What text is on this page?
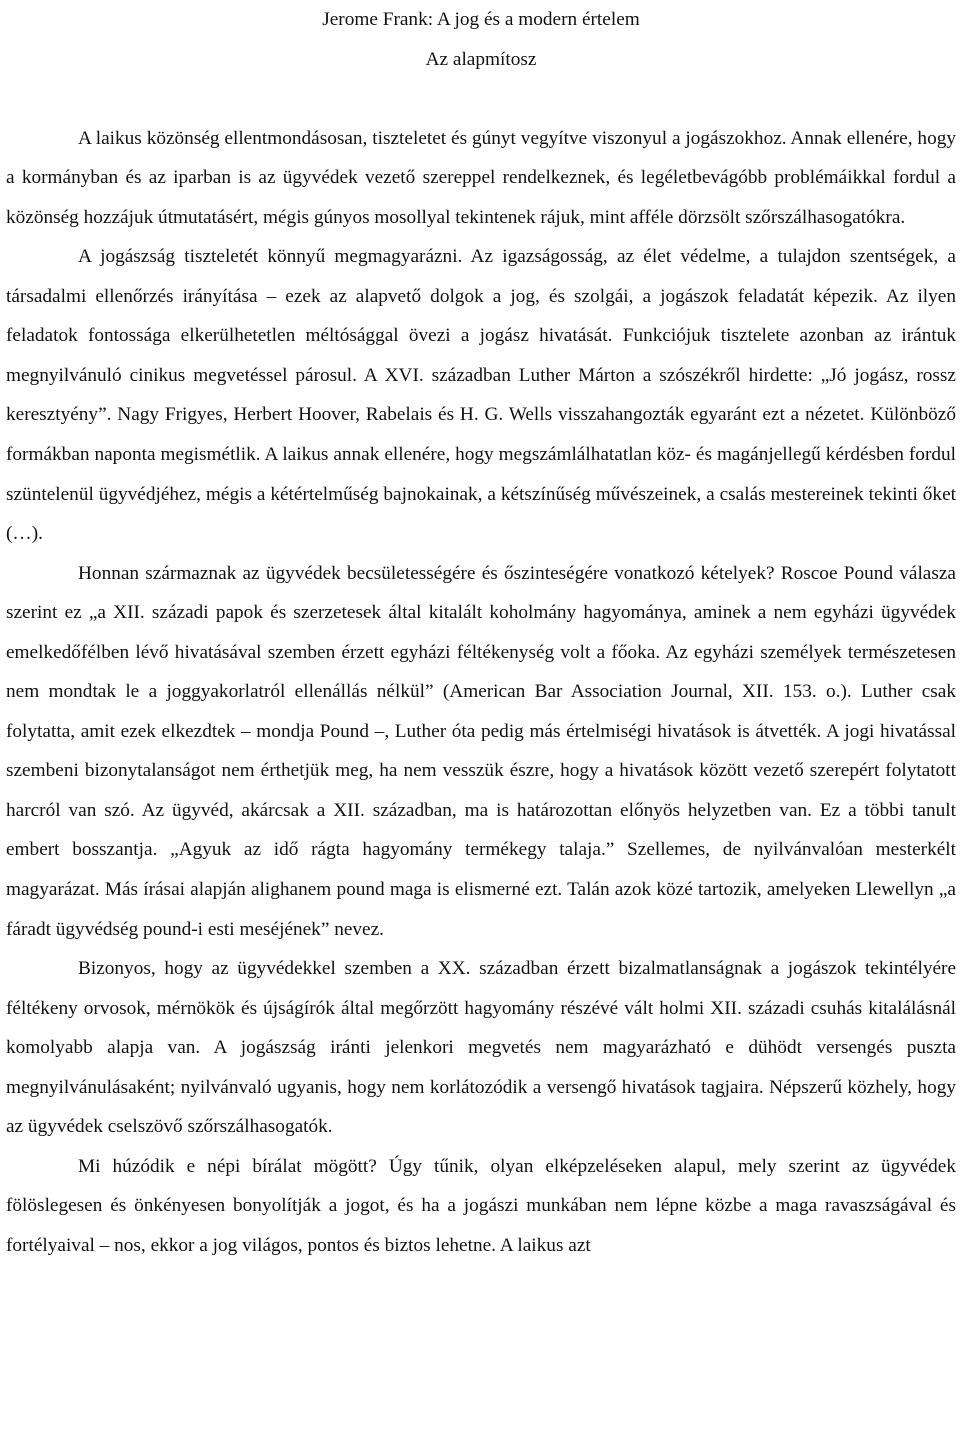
Jerome Frank: A jog és a modern értelem
Az alapmítosz

A laikus közönség ellentmondásosan, tiszteletet és gúnyt vegyítve viszonyul a jogászokhoz. Annak ellenére, hogy a kormányban és az iparban is az ügyvédek vezető szereppel rendelkeznek, és legéletbevágóbb problémáikkal fordul a közönség hozzájuk útmutatásért, mégis gúnyos mosollyal tekintenek rájuk, mint afféle dörzsölt szőrszálhasogatókra.

A jogászság tiszteletét könnyű megmagyarázni. Az igazságosság, az élet védelme, a tulajdon szentségek, a társadalmi ellenőrzés irányítása – ezek az alapvető dolgok a jog, és szolgái, a jogászok feladatát képezik. Az ilyen feladatok fontossága elkerülhetetlen méltósággal övezi a jogász hivatását. Funkciójuk tisztelete azonban az irántuk megnyilvánuló cinikus megvetéssel párosul. A XVI. században Luther Márton a szószékről hirdette: „Jó jogász, rossz keresztyény”. Nagy Frigyes, Herbert Hoover, Rabelais és H. G. Wells visszahangozták egyaránt ezt a nézetet. Különböző formákban naponta megismétlik. A laikus annak ellenére, hogy megszámlálhatatlan köz- és magánjellegű kérdésben fordul szüntelenül ügyvédjéhez, mégis a kétértelműség bajnokainak, a kétszínűség művészeinek, a csalás mestereinek tekinti őket (…).

Honnan származnak az ügyvédek becsületességére és őszinteségére vonatkozó kételyek? Roscoe Pound válasza szerint ez „a XII. századi papok és szerzetesek által kitalált koholmány hagyománya, aminek a nem egyházi ügyvédek emelkedőfélben lévő hivatásával szemben érzett egyházi féltékenység volt a főoka. Az egyházi személyek természetesen nem mondtak le a joggyakorlatról ellenállás nélkül” (American Bar Association Journal, XII. 153. o.). Luther csak folytatta, amit ezek elkezdtek – mondja Pound –, Luther óta pedig más értelmiségi hivatások is átvették. A jogi hivatással szembeni bizonytalanságot nem érthetjük meg, ha nem vesszük észre, hogy a hivatások között vezető szerepért folytatott harcról van szó. Az ügyvéd, akárcsak a XII. században, ma is határozottan előnyös helyzetben van. Ez a többi tanult embert bosszantja. „Agyuk az idő rágta hagyomány termékegy talaja.” Szellemes, de nyilvánvalóan mesterkélt magyarázat. Más írásai alapján alighanem pound maga is elismerné ezt. Talán azok közé tartozik, amelyeken Llewellyn „a fáradt ügyvédség pound-i esti meséjének” nevez.

Bizonyos, hogy az ügyvédekkel szemben a XX. században érzett bizalmatlanságnak a jogászok tekintélyére féltékeny orvosok, mérnökök és újságírók által megőrzött hagyomány részévé vált holmi XII. századi csuhás kitalálásnál komolyabb alapja van. A jogászság iránti jelenkori megvetés nem magyarázható e dühödt versengés puszta megnyilvánulásaként; nyilvánvaló ugyanis, hogy nem korlátozódik a versengő hivatások tagjaira. Népszerű közhely, hogy az ügyvédek cselszövő szőrszálhasogatók.

Mi húzódik e népi bírálat mögött? Úgy tűnik, olyan elképzeléseken alapul, mely szerint az ügyvédek fölöslegesen és önkényesen bonyolítják a jogot, és ha a jogászi munkában nem lépne közbe a maga ravaszságával és fortélyaival – nos, ekkor a jog világos, pontos és biztos lehetne. A laikus azt
